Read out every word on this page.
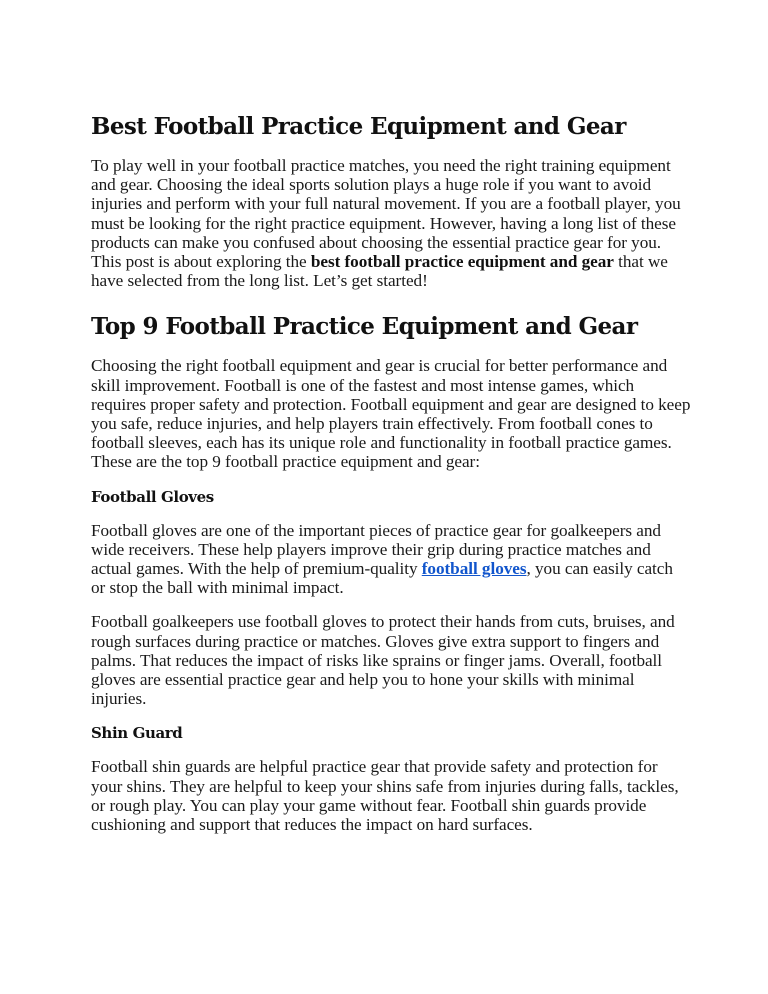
Best Football Practice Equipment and Gear

To play well in your football practice matches, you need the right training equipment and gear. Choosing the ideal sports solution plays a huge role if you want to avoid injuries and perform with your full natural movement. If you are a football player, you must be looking for the right practice equipment. However, having a long list of these products can make you confused about choosing the essential practice gear for you. This post is about exploring the best football practice equipment and gear that we have selected from the long list. Let’s get started!

Top 9 Football Practice Equipment and Gear

Choosing the right football equipment and gear is crucial for better performance and skill improvement. Football is one of the fastest and most intense games, which requires proper safety and protection. Football equipment and gear are designed to keep you safe, reduce injuries, and help players train effectively. From football cones to football sleeves, each has its unique role and functionality in football practice games. These are the top 9 football practice equipment and gear:

Football Gloves

Football gloves are one of the important pieces of practice gear for goalkeepers and wide receivers. These help players improve their grip during practice matches and actual games. With the help of premium-quality football gloves, you can easily catch or stop the ball with minimal impact.

Football goalkeepers use football gloves to protect their hands from cuts, bruises, and rough surfaces during practice or matches. Gloves give extra support to fingers and palms. That reduces the impact of risks like sprains or finger jams. Overall, football gloves are essential practice gear and help you to hone your skills with minimal injuries.

Shin Guard

Football shin guards are helpful practice gear that provide safety and protection for your shins. They are helpful to keep your shins safe from injuries during falls, tackles, or rough play. You can play your game without fear. Football shin guards provide cushioning and support that reduces the impact on hard surfaces.
